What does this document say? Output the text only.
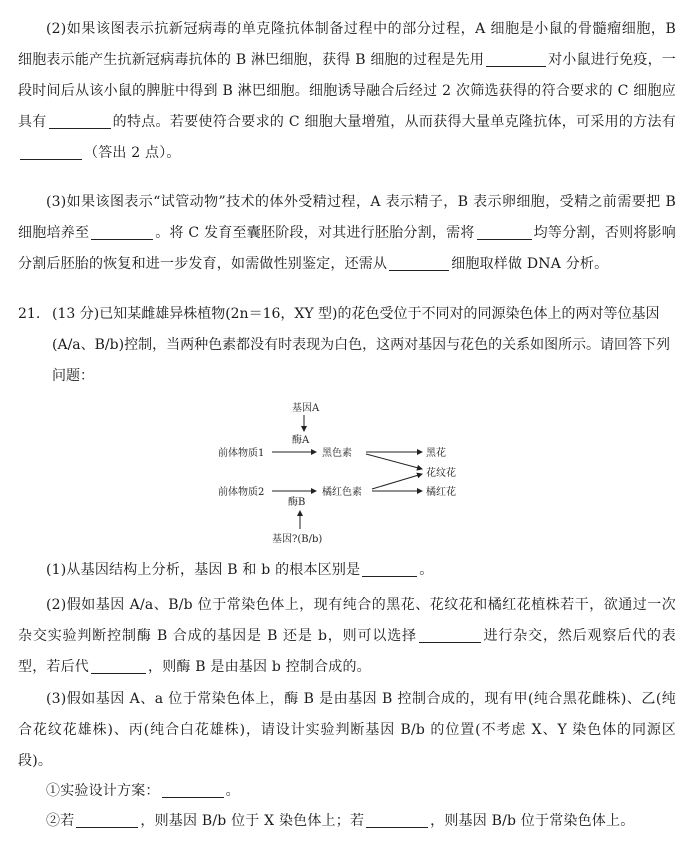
(2)如果该图表示抗新冠病毒的单克隆抗体制备过程中的部分过程，A 细胞是小鼠的骨髓瘤细胞，B 细胞表示能产生抗新冠病毒抗体的 B 淋巴细胞，获得 B 细胞的过程是先用	对小鼠进行免疫，一段时间后从该小鼠的脾脏中得到 B 淋巴细胞。细胞诱导融合后经过 2 次筛选获得的符合要求的 C 细胞应具有	的特点。若要使符合要求的 C 细胞大量增殖，从而获得大量单克隆抗体，可采用的方法有（答出 2 点）。
(3)如果该图表示“试管动物”技术的体外受精过程，A 表示精子，B 表示卵细胞，受精之前需要把 B 细胞培养至	。将 C 发育至囊胚阶段，对其进行胚胎分割，需将	均等分割，否则将影响分割后胚胎的恢复和进一步发育，如需做性别鉴定，还需从	细胞取样做 DNA 分析。
21. (13 分)已知某雌雄异株植物(2n＝16，XY 型)的花色受位于不同对的同源染色体上的两对等位基因(A/a、B/b)控制，当两种色素都没有时表现为白色，这两对基因与花色的关系如图所示。请回答下列问题：
基因A
酶A
前体物质1	黑色素	黑花
花纹花
前体物质2	橘红色素	橘红花
酶B
基因?(B/b)
(1)从基因结构上分析，基因 B 和 b 的根本区别是	。
(2)假如基因 A/a、B/b 位于常染色体上，现有纯合的黑花、花纹花和橘红花植株若干，欲通过一次杂交实验判断控制酶 B 合成的基因是 B 还是 b，则可以选择	进行杂交，然后观察后代的表型，若后代	，则酶 B 是由基因 b 控制合成的。
(3)假如基因 A、a 位于常染色体上，酶 B 是由基因 B 控制合成的，现有甲(纯合黑花雌株)、乙(纯合花纹花雄株)、丙(纯合白花雄株)，请设计实验判断基因 B/b 的位置(不考虑 X、Y 染色体的同源区段)。
①实验设计方案：	。
②若	，则基因 B/b 位于 X 染色体上；若	，则基因 B/b 位于常染色体上。
